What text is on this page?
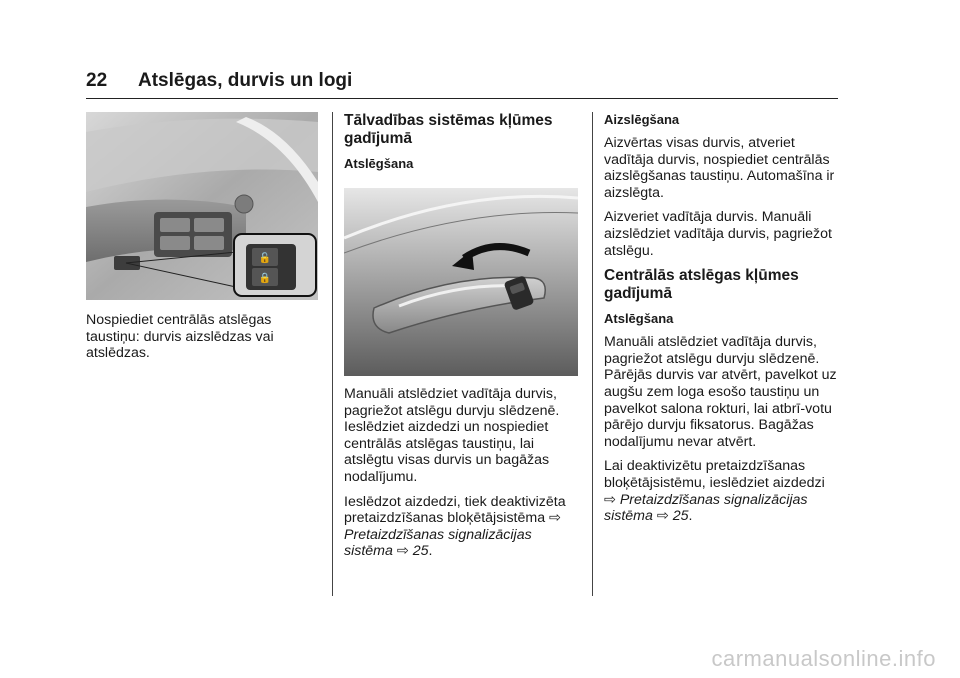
22 Atslēgas, durvis un logi
🔓
🔒

Nospiediet centrālās atslēgas taustiņu: durvis aizslēdzas vai atslēdzas.

Tālvadības sistēmas kļūmes gadījumā
Atslēgšana

Manuāli atslēdziet vadītāja durvis, pagriežot atslēgu durvju slēdzenē. Ieslēdziet aizdedzi un nospiediet centrālās atslēgas taustiņu, lai atslēgtu visas durvis un bagāžas nodalījumu.

Ieslēdzot aizdedzi, tiek deaktivizēta pretaizdzīšanas bloķētājsistēma ⇨
Pretaizdzīšanas signalizācijas sistēma ⇨ 25.

Aizslēgšana

Aizvērtas visas durvis, atveriet vadītāja durvis, nospiediet centrālās aizslēgšanas taustiņu. Automašīna ir aizslēgta.

Aizveriet vadītāja durvis. Manuāli aizslēdziet vadītāja durvis, pagriežot atslēgu.

Centrālās atslēgas kļūmes gadījumā
Atslēgšana

Manuāli atslēdziet vadītāja durvis, pagriežot atslēgu durvju slēdzenē. Pārējās durvis var atvērt, pavelkot uz augšu zem loga esošo taustiņu un pavelkot salona rokturi, lai atbrī-votu pārējo durvju fiksatorus. Bagāžas nodalījumu nevar atvērt.

Lai deaktivizētu pretaizdzīšanas bloķētājsistēmu, ieslēdziet aizdedzi
⇨ Pretaizdzīšanas signalizācijas sistēma ⇨ 25.

carmanualsonline.info
